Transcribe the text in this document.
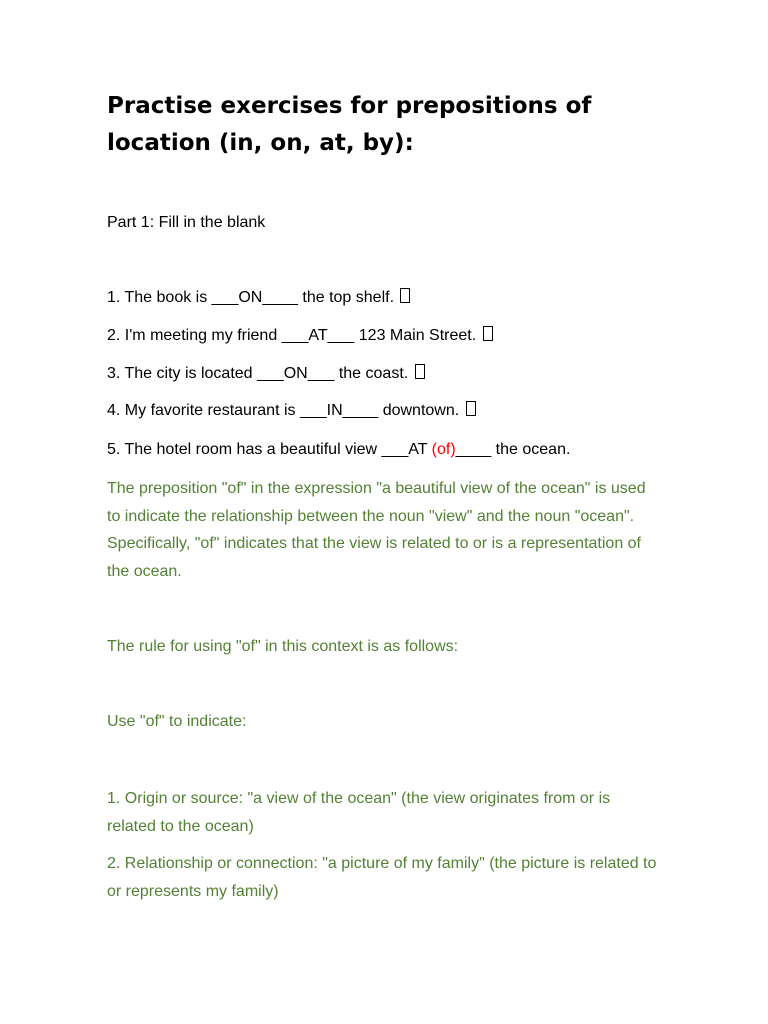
Practise exercises for prepositions of location (in, on, at, by):

Part 1: Fill in the blank

1. The book is ___ON____ the top shelf.

2. I'm meeting my friend ___AT___ 123 Main Street.

3. The city is located ___ON___ the coast.

4. My favorite restaurant is ___IN____ downtown.

5. The hotel room has a beautiful view ___AT (of)____ the ocean.

The preposition "of" in the expression "a beautiful view of the ocean" is used to indicate the relationship between the noun "view" and the noun "ocean". Specifically, "of" indicates that the view is related to or is a representation of the ocean.

The rule for using "of" in this context is as follows:

Use "of" to indicate:

1. Origin or source: "a view of the ocean" (the view originates from or is related to the ocean)

2. Relationship or connection: "a picture of my family" (the picture is related to or represents my family)
